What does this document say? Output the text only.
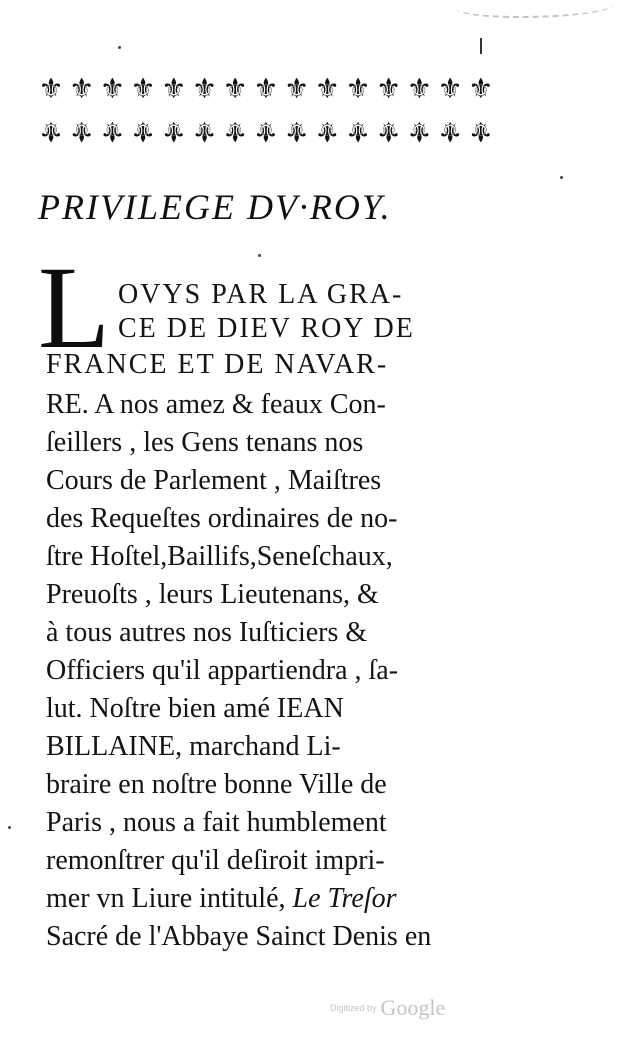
⚜ ⚜ ⚜ ⚜ ⚜ ⚜ ⚜ ⚜ ⚜ ⚜ ⚜ ⚜ ⚜ ⚜ ⚜
⚜ ⚜ ⚜ ⚜ ⚜ ⚜ ⚜ ⚜ ⚜ ⚜ ⚜ ⚜ ⚜ ⚜ ⚜
PRIVILEGE DV·ROY.
L OVYS PAR LA GRA-
CE DE DIEV ROY DE
FRANCE ET DE NAVAR-
RE. A nos amez & feaux Con-
ſeillers , les Gens tenans nos
Cours de Parlement , Maiſtres
des Requeſtes ordinaires de no-
ſtre Hoſtel,Baillifs,Seneſchaux,
Preuoſts , leurs Lieutenans, &
à tous autres nos Iuſticiers &
Officiers qu'il appartiendra , ſa-
lut. Noſtre bien amé IEAN
BILLAINE, marchand Li-
braire en noſtre bonne Ville de
Paris , nous a fait humblement
remonſtrer qu'il deſiroit impri-
mer vn Liure intitulé, Le Treſor
Sacré de l'Abbaye Sainct Denis en
Digitized by Google
